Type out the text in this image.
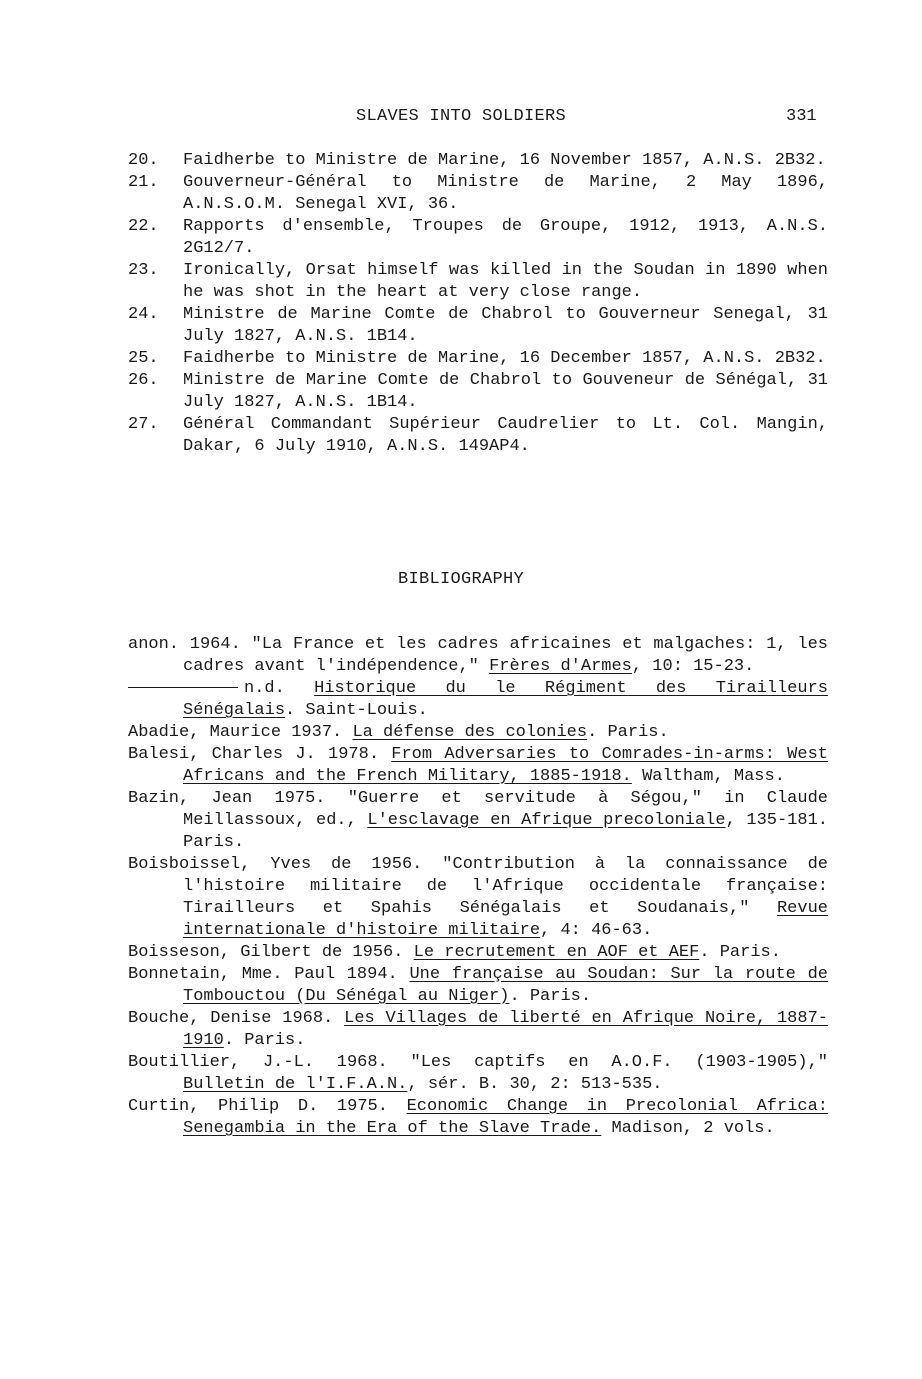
SLAVES INTO SOLDIERS	331
20. Faidherbe to Ministre de Marine, 16 November 1857, A.N.S. 2B32.
21. Gouverneur-Général to Ministre de Marine, 2 May 1896, A.N.S.O.M. Senegal XVI, 36.
22. Rapports d'ensemble, Troupes de Groupe, 1912, 1913, A.N.S. 2G12/7.
23. Ironically, Orsat himself was killed in the Soudan in 1890 when he was shot in the heart at very close range.
24. Ministre de Marine Comte de Chabrol to Gouverneur Senegal, 31 July 1827, A.N.S. 1B14.
25. Faidherbe to Ministre de Marine, 16 December 1857, A.N.S. 2B32.
26. Ministre de Marine Comte de Chabrol to Gouveneur de Sénégal, 31 July 1827, A.N.S. 1B14.
27. Général Commandant Supérieur Caudrelier to Lt. Col. Mangin, Dakar, 6 July 1910, A.N.S. 149AP4.
BIBLIOGRAPHY
anon. 1964. "La France et les cadres africaines et malgaches: 1, les cadres avant l'indépendence," Frères d'Armes, 10: 15-23.
n.d. Historique du le Régiment des Tirailleurs Sénégalais. Saint-Louis.
Abadie, Maurice 1937. La défense des colonies. Paris.
Balesi, Charles J. 1978. From Adversaries to Comrades-in-arms: West Africans and the French Military, 1885-1918. Waltham, Mass.
Bazin, Jean 1975. "Guerre et servitude à Ségou," in Claude Meillassoux, ed., L'esclavage en Afrique precoloniale, 135-181. Paris.
Boisboissel, Yves de 1956. "Contribution à la connaissance de l'histoire militaire de l'Afrique occidentale française: Tirailleurs et Spahis Sénégalais et Soudanais," Revue internationale d'histoire militaire, 4: 46-63.
Boisseson, Gilbert de 1956. Le recrutement en AOF et AEF. Paris.
Bonnetain, Mme. Paul 1894. Une française au Soudan: Sur la route de Tombouctou (Du Sénégal au Niger). Paris.
Bouche, Denise 1968. Les Villages de liberté en Afrique Noire, 1887-1910. Paris.
Boutillier, J.-L. 1968. "Les captifs en A.O.F. (1903-1905)," Bulletin de l'I.F.A.N., sér. B. 30, 2: 513-535.
Curtin, Philip D. 1975. Economic Change in Precolonial Africa: Senegambia in the Era of the Slave Trade. Madison, 2 vols.
